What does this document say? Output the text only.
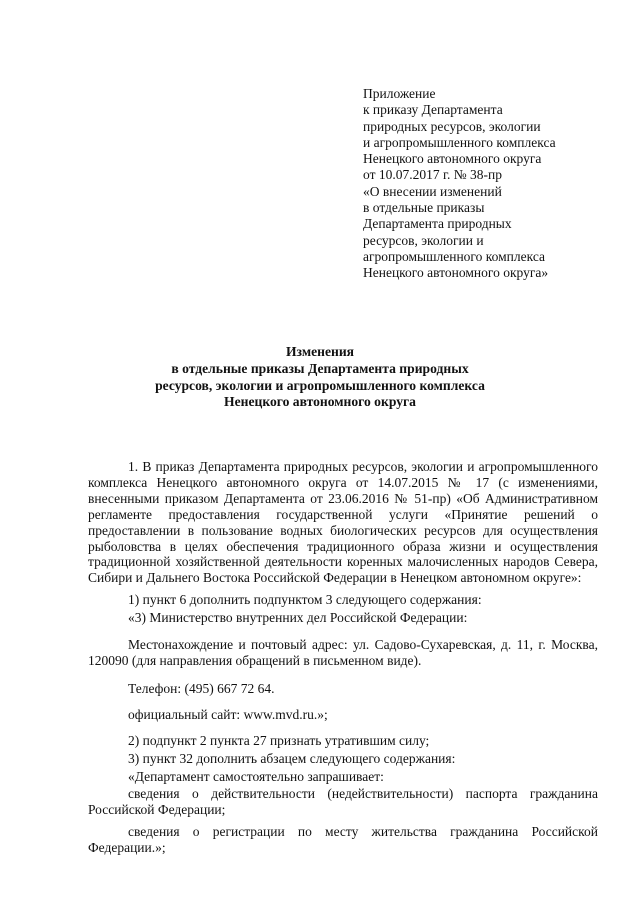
Приложение
к приказу Департамента
природных ресурсов, экологии
и агропромышленного комплекса
Ненецкого автономного округа
от 10.07.2017 г. № 38-пр
«О внесении изменений
в отдельные приказы
Департамента природных
ресурсов, экологии и
агропромышленного комплекса
Ненецкого автономного округа»
Изменения
в отдельные приказы Департамента природных
ресурсов, экологии и агропромышленного комплекса
Ненецкого автономного округа

1. В приказ Департамента природных ресурсов, экологии и агропромышленного комплекса Ненецкого автономного округа от 14.07.2015 № 17 (с изменениями, внесенными приказом Департамента от 23.06.2016 № 51-пр) «Об Административном регламенте предоставления государственной услуги «Принятие решений о предоставлении в пользование водных биологических ресурсов для осуществления рыболовства в целях обеспечения традиционного образа жизни и осуществления традиционной хозяйственной деятельности коренных малочисленных народов Севера, Сибири и Дальнего Востока Российской Федерации в Ненецком автономном округе»:

1) пункт 6 дополнить подпунктом 3 следующего содержания:
«3) Министерство внутренних дел Российской Федерации:

Местонахождение и почтовый адрес: ул. Садово-Сухаревская, д. 11, г. Москва, 120090 (для направления обращений в письменном виде).

Телефон: (495) 667 72 64.
официальный сайт: www.mvd.ru.»;
2) подпункт 2 пункта 27 признать утратившим силу;
3) пункт 32 дополнить абзацем следующего содержания:
«Департамент самостоятельно запрашивает:

сведения о действительности (недействительности) паспорта гражданина Российской Федерации;

сведения о регистрации по месту жительства гражданина Российской Федерации.»;
